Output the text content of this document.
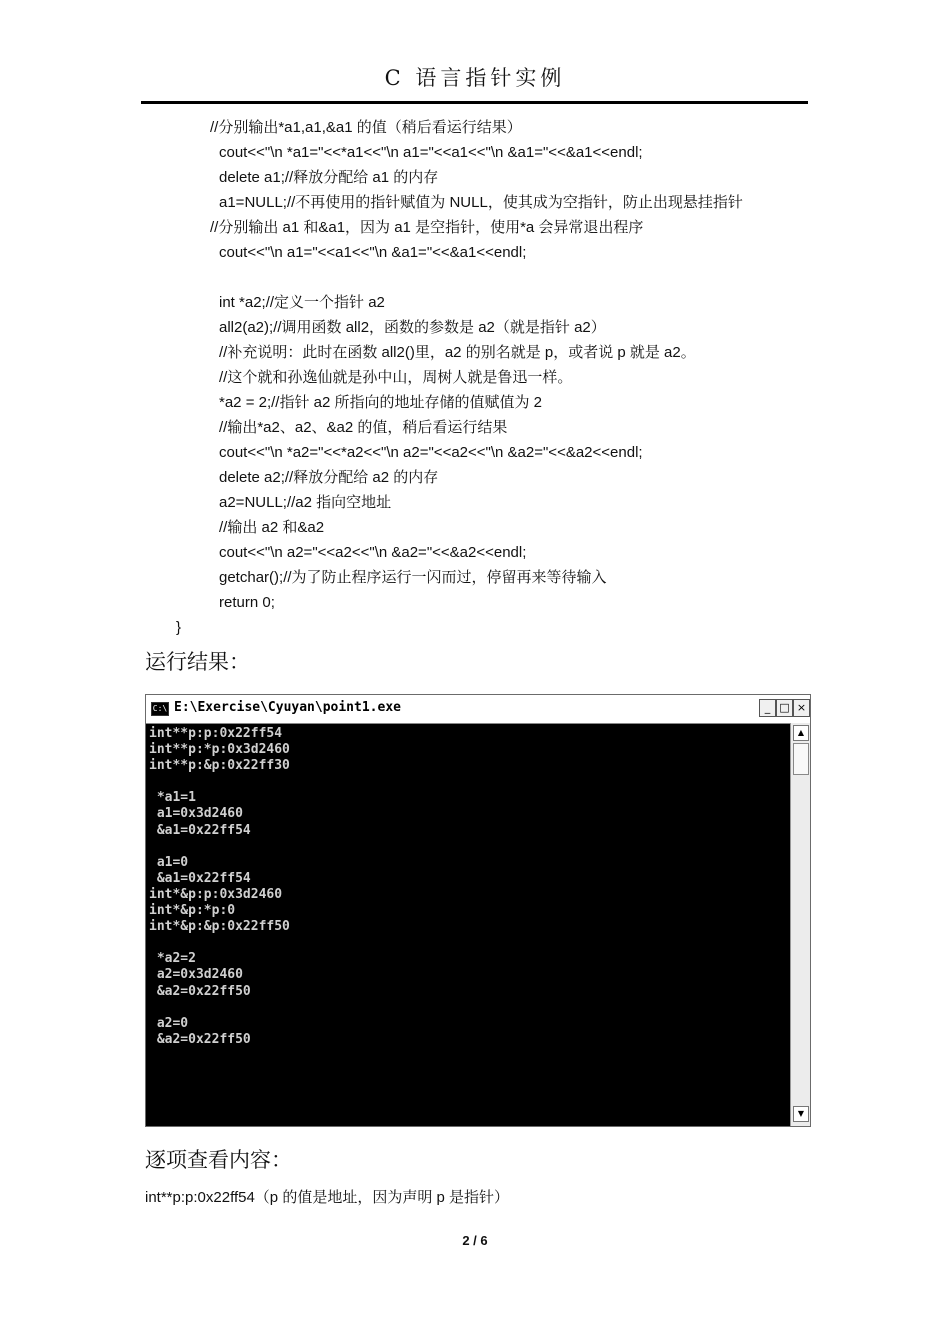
C 语言指针实例
//分别输出*a1,a1,&a1 的值（稍后看运行结果）
cout<<"\n *a1="<<*a1<<"\n a1="<<a1<<"\n &a1="<<&a1<<endl;
delete a1;//释放分配给 a1 的内存
a1=NULL;//不再使用的指针赋值为 NULL，使其成为空指针，防止出现悬挂指针
//分别输出 a1 和&a1，因为 a1 是空指针，使用*a 会异常退出程序
cout<<"\n a1="<<a1<<"\n &a1="<<&a1<<endl;
int *a2;//定义一个指针 a2
all2(a2);//调用函数 all2，函数的参数是 a2（就是指针 a2）
//补充说明：此时在函数 all2()里，a2 的别名就是 p，或者说 p 就是 a2。
//这个就和孙逸仙就是孙中山，周树人就是鲁迅一样。
*a2 = 2;//指针 a2 所指向的地址存储的值赋值为 2
//输出*a2、a2、&a2 的值，稍后看运行结果
cout<<"\n *a2="<<*a2<<"\n a2="<<a2<<"\n &a2="<<&a2<<endl;
delete a2;//释放分配给 a2 的内存
a2=NULL;//a2 指向空地址
//输出 a2 和&a2
cout<<"\n a2="<<a2<<"\n &a2="<<&a2<<endl;
getchar();//为了防止程序运行一闪而过，停留再来等待输入
return 0;
}
运行结果：
C:\ E:\Exercise\Cyuyan\point1.exe	_ □ ×
int**p:p:0x22ff54
int**p:*p:0x3d2460
int**p:&p:0x22ff30
*a1=1
a1=0x3d2460
&a1=0x22ff54
a1=0
&a1=0x22ff54
int*&p:p:0x3d2460
int*&p:*p:0
int*&p:&p:0x22ff50
*a2=2
a2=0x3d2460
&a2=0x22ff50
a2=0
&a2=0x22ff50
▲
▼
逐项查看内容：
int**p:p:0x22ff54（p 的值是地址，因为声明 p 是指针）
2 / 6
